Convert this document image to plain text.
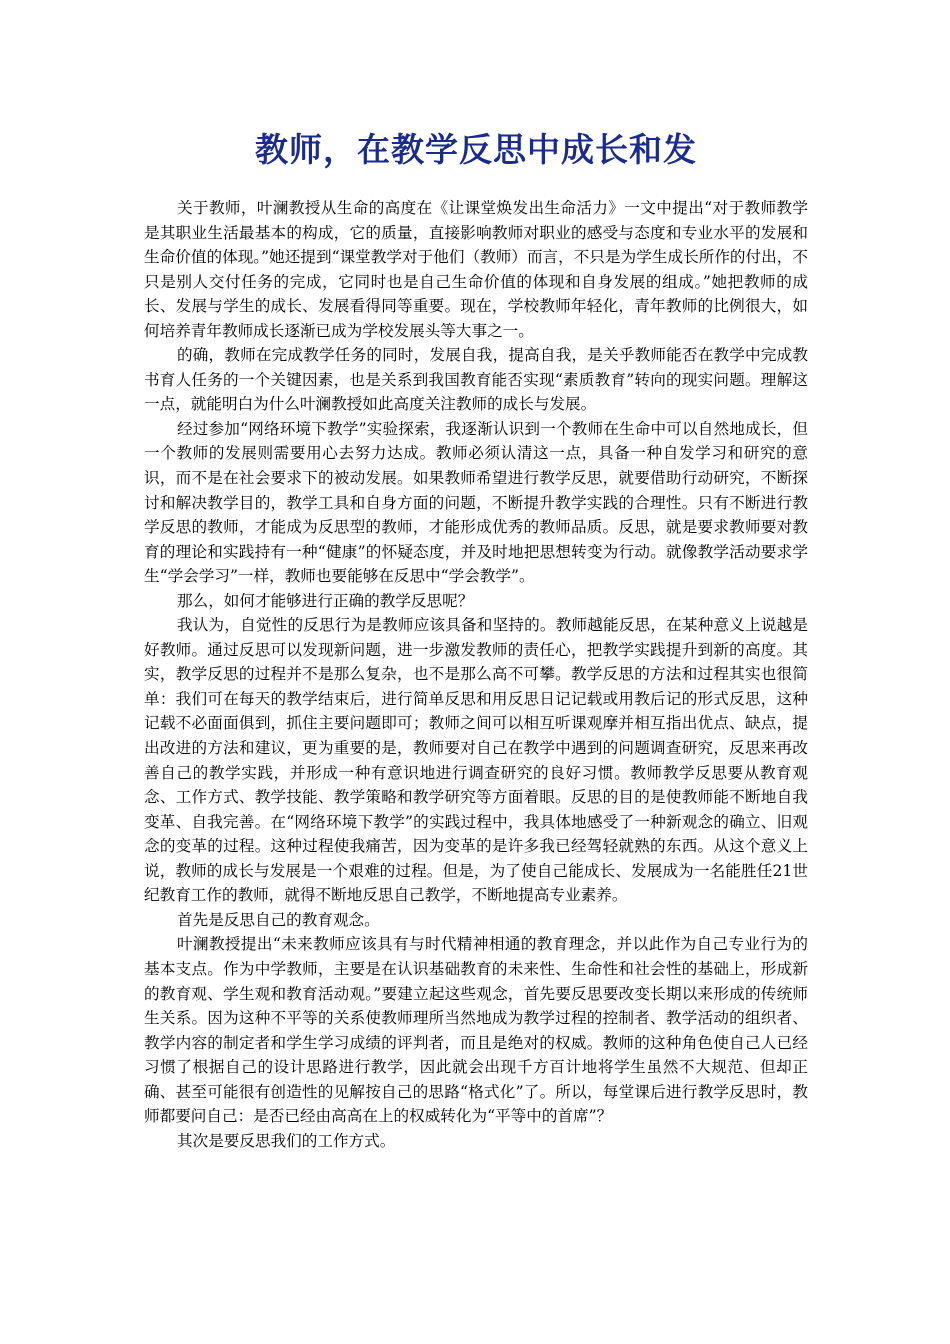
教师，在教学反思中成长和发

关于教师，叶澜教授从生命的高度在《让课堂焕发出生命活力》一文中提出“对于教师教学是其职业生活最基本的构成，它的质量，直接影响教师对职业的感受与态度和专业水平的发展和生命价值的体现。”她还提到“课堂教学对于他们（教师）而言，不只是为学生成长所作的付出，不只是别人交付任务的完成，它同时也是自己生命价值的体现和自身发展的组成。”她把教师的成长、发展与学生的成长、发展看得同等重要。现在，学校教师年轻化，青年教师的比例很大，如何培养青年教师成长逐渐已成为学校发展头等大事之一。

的确，教师在完成教学任务的同时，发展自我，提高自我，是关乎教师能否在教学中完成教书育人任务的一个关键因素，也是关系到我国教育能否实现“素质教育”转向的现实问题。理解这一点，就能明白为什么叶澜教授如此高度关注教师的成长与发展。

经过参加“网络环境下教学”实验探索，我逐渐认识到一个教师在生命中可以自然地成长，但一个教师的发展则需要用心去努力达成。教师必须认清这一点，具备一种自发学习和研究的意识，而不是在社会要求下的被动发展。如果教师希望进行教学反思，就要借助行动研究，不断探讨和解决教学目的，教学工具和自身方面的问题，不断提升教学实践的合理性。只有不断进行教学反思的教师，才能成为反思型的教师，才能形成优秀的教师品质。反思，就是要求教师要对教育的理论和实践持有一种“健康”的怀疑态度，并及时地把思想转变为行动。就像教学活动要求学生“学会学习”一样，教师也要能够在反思中“学会教学”。

那么，如何才能够进行正确的教学反思呢？

我认为，自觉性的反思行为是教师应该具备和坚持的。教师越能反思，在某种意义上说越是好教师。通过反思可以发现新问题，进一步激发教师的责任心，把教学实践提升到新的高度。其实，教学反思的过程并不是那么复杂，也不是那么高不可攀。教学反思的方法和过程其实也很简单：我们可在每天的教学结束后，进行简单反思和用反思日记记载或用教后记的形式反思，这种记载不必面面俱到，抓住主要问题即可；教师之间可以相互听课观摩并相互指出优点、缺点，提出改进的方法和建议，更为重要的是，教师要对自己在教学中遇到的问题调查研究，反思来再改善自己的教学实践，并形成一种有意识地进行调查研究的良好习惯。教师教学反思要从教育观念、工作方式、教学技能、教学策略和教学研究等方面着眼。反思的目的是使教师能不断地自我变革、自我完善。在“网络环境下教学”的实践过程中，我具体地感受了一种新观念的确立、旧观念的变革的过程。这种过程使我痛苦，因为变革的是许多我已经驾轻就熟的东西。从这个意义上说，教师的成长与发展是一个艰难的过程。但是，为了使自己能成长、发展成为一名能胜任21世纪教育工作的教师，就得不断地反思自己教学，不断地提高专业素养。

首先是反思自己的教育观念。

叶澜教授提出“未来教师应该具有与时代精神相通的教育理念，并以此作为自己专业行为的基本支点。作为中学教师，主要是在认识基础教育的未来性、生命性和社会性的基础上，形成新的教育观、学生观和教育活动观。”要建立起这些观念，首先要反思要改变长期以来形成的传统师生关系。因为这种不平等的关系使教师理所当然地成为教学过程的控制者、教学活动的组织者、教学内容的制定者和学生学习成绩的评判者，而且是绝对的权威。教师的这种角色使自己人已经习惯了根据自己的设计思路进行教学，因此就会出现千方百计地将学生虽然不大规范、但却正确、甚至可能很有创造性的见解按自己的思路“格式化”了。所以，每堂课后进行教学反思时，教师都要问自己：是否已经由高高在上的权威转化为“平等中的首席”？

其次是要反思我们的工作方式。
